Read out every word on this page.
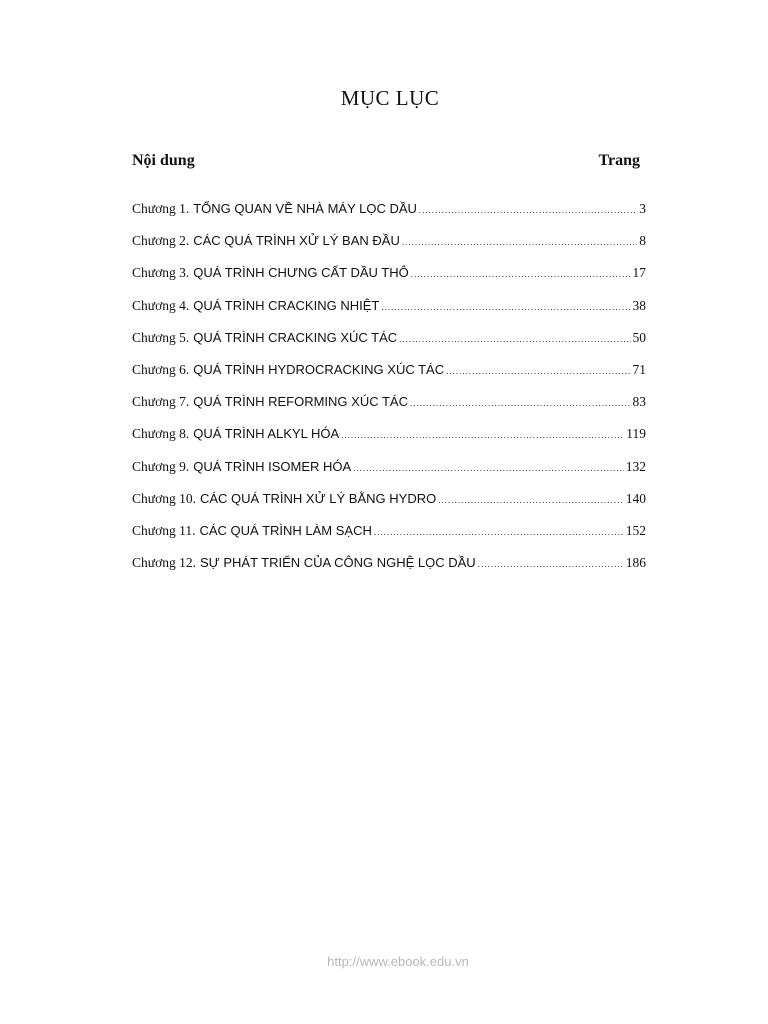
MỤC LỤC
Nội dung	Trang
Chương 1. TỔNG QUAN VỀ NHÀ MÁY LỌC DẦU .....	3
Chương 2. CÁC QUÁ TRÌNH XỬ LÝ BAN ĐẦU .....	8
Chương 3. QUÁ TRÌNH CHƯNG CẤT DẦU THÔ .....	17
Chương 4. QUÁ TRÌNH CRACKING NHIỆT .....	38
Chương 5. QUÁ TRÌNH CRACKING XÚC TÁC .....	50
Chương 6. QUÁ TRÌNH HYDROCRACKING XÚC TÁC .....	71
Chương 7. QUÁ TRÌNH REFORMING XÚC TÁC .....	83
Chương 8. QUÁ TRÌNH ALKYL HÓA .....	119
Chương 9. QUÁ TRÌNH ISOMER HÓA .....	132
Chương 10. CÁC QUÁ TRÌNH XỬ LÝ BẰNG HYDRO .....	140
Chương 11. CÁC QUÁ TRÌNH LÀM SẠCH .....	152
Chương 12. SỰ PHÁT TRIỂN CỦA CÔNG NGHỆ LỌC DẦU .....	186
http://www.ebook.edu.vn
